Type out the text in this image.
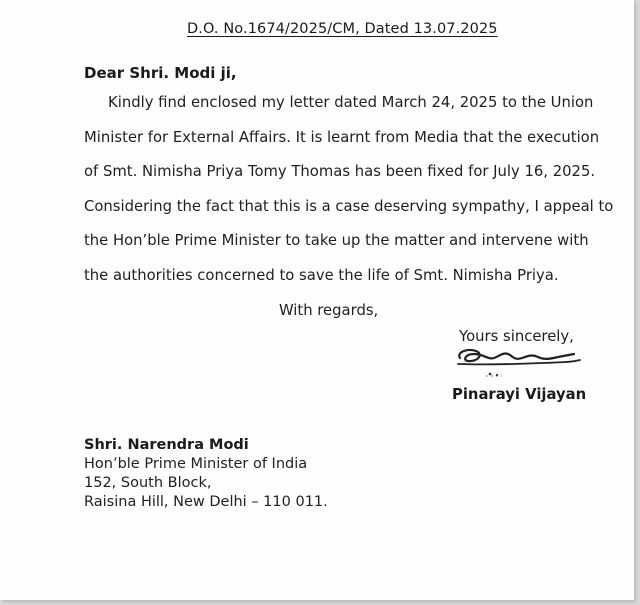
D.O. No.1674/2025/CM, Dated 13.07.2025
Dear Shri. Modi ji,
Kindly find enclosed my letter dated March 24, 2025 to the Union
Minister for External Affairs. It is learnt from Media that the execution
of Smt. Nimisha Priya Tomy Thomas has been fixed for July 16, 2025.
Considering the fact that this is a case deserving sympathy, I appeal to
the Hon’ble Prime Minister to take up the matter and intervene with
the authorities concerned to save the life of Smt. Nimisha Priya.
With regards,
Yours sincerely,
Pinarayi Vijayan
Shri. Narendra Modi
Hon’ble Prime Minister of India
152, South Block,
Raisina Hill, New Delhi – 110 011.
